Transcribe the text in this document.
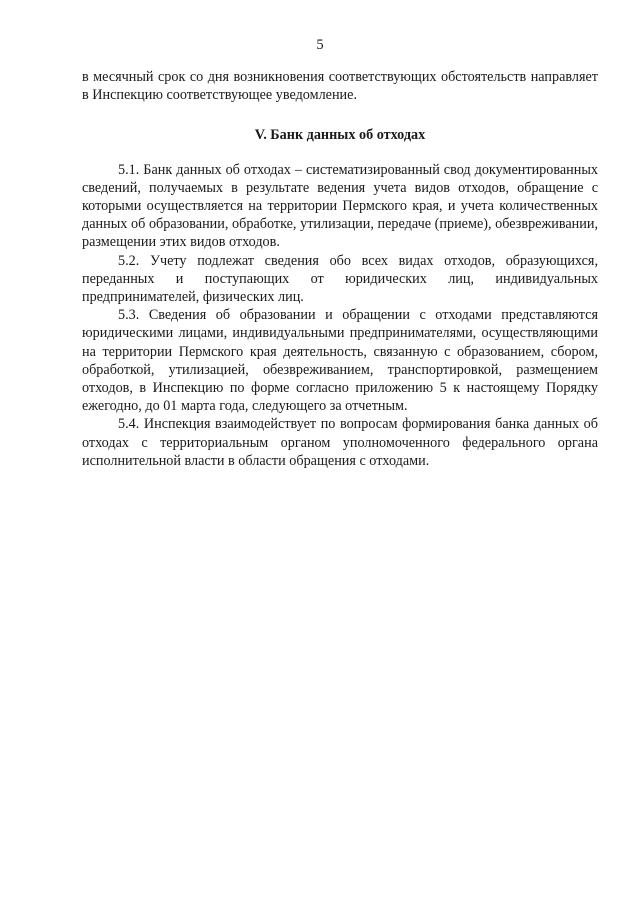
5

в месячный срок со дня возникновения соответствующих обстоятельств направляет в Инспекцию соответствующее уведомление.

V. Банк данных об отходах

5.1. Банк данных об отходах – систематизированный свод документированных сведений, получаемых в результате ведения учета видов отходов, обращение с которыми осуществляется на территории Пермского края, и учета количественных данных об образовании, обработке, утилизации, передаче (приеме), обезвреживании, размещении этих видов отходов.

5.2. Учету подлежат сведения обо всех видах отходов, образующихся, переданных и поступающих от юридических лиц, индивидуальных предпринимателей, физических лиц.

5.3. Сведения об образовании и обращении с отходами представляются юридическими лицами, индивидуальными предпринимателями, осуществляющими на территории Пермского края деятельность, связанную с образованием, сбором, обработкой, утилизацией, обезвреживанием, транспортировкой, размещением отходов, в Инспекцию по форме согласно приложению 5 к настоящему Порядку ежегодно, до 01 марта года, следующего за отчетным.

5.4. Инспекция взаимодействует по вопросам формирования банка данных об отходах с территориальным органом уполномоченного федерального органа исполнительной власти в области обращения с отходами.
